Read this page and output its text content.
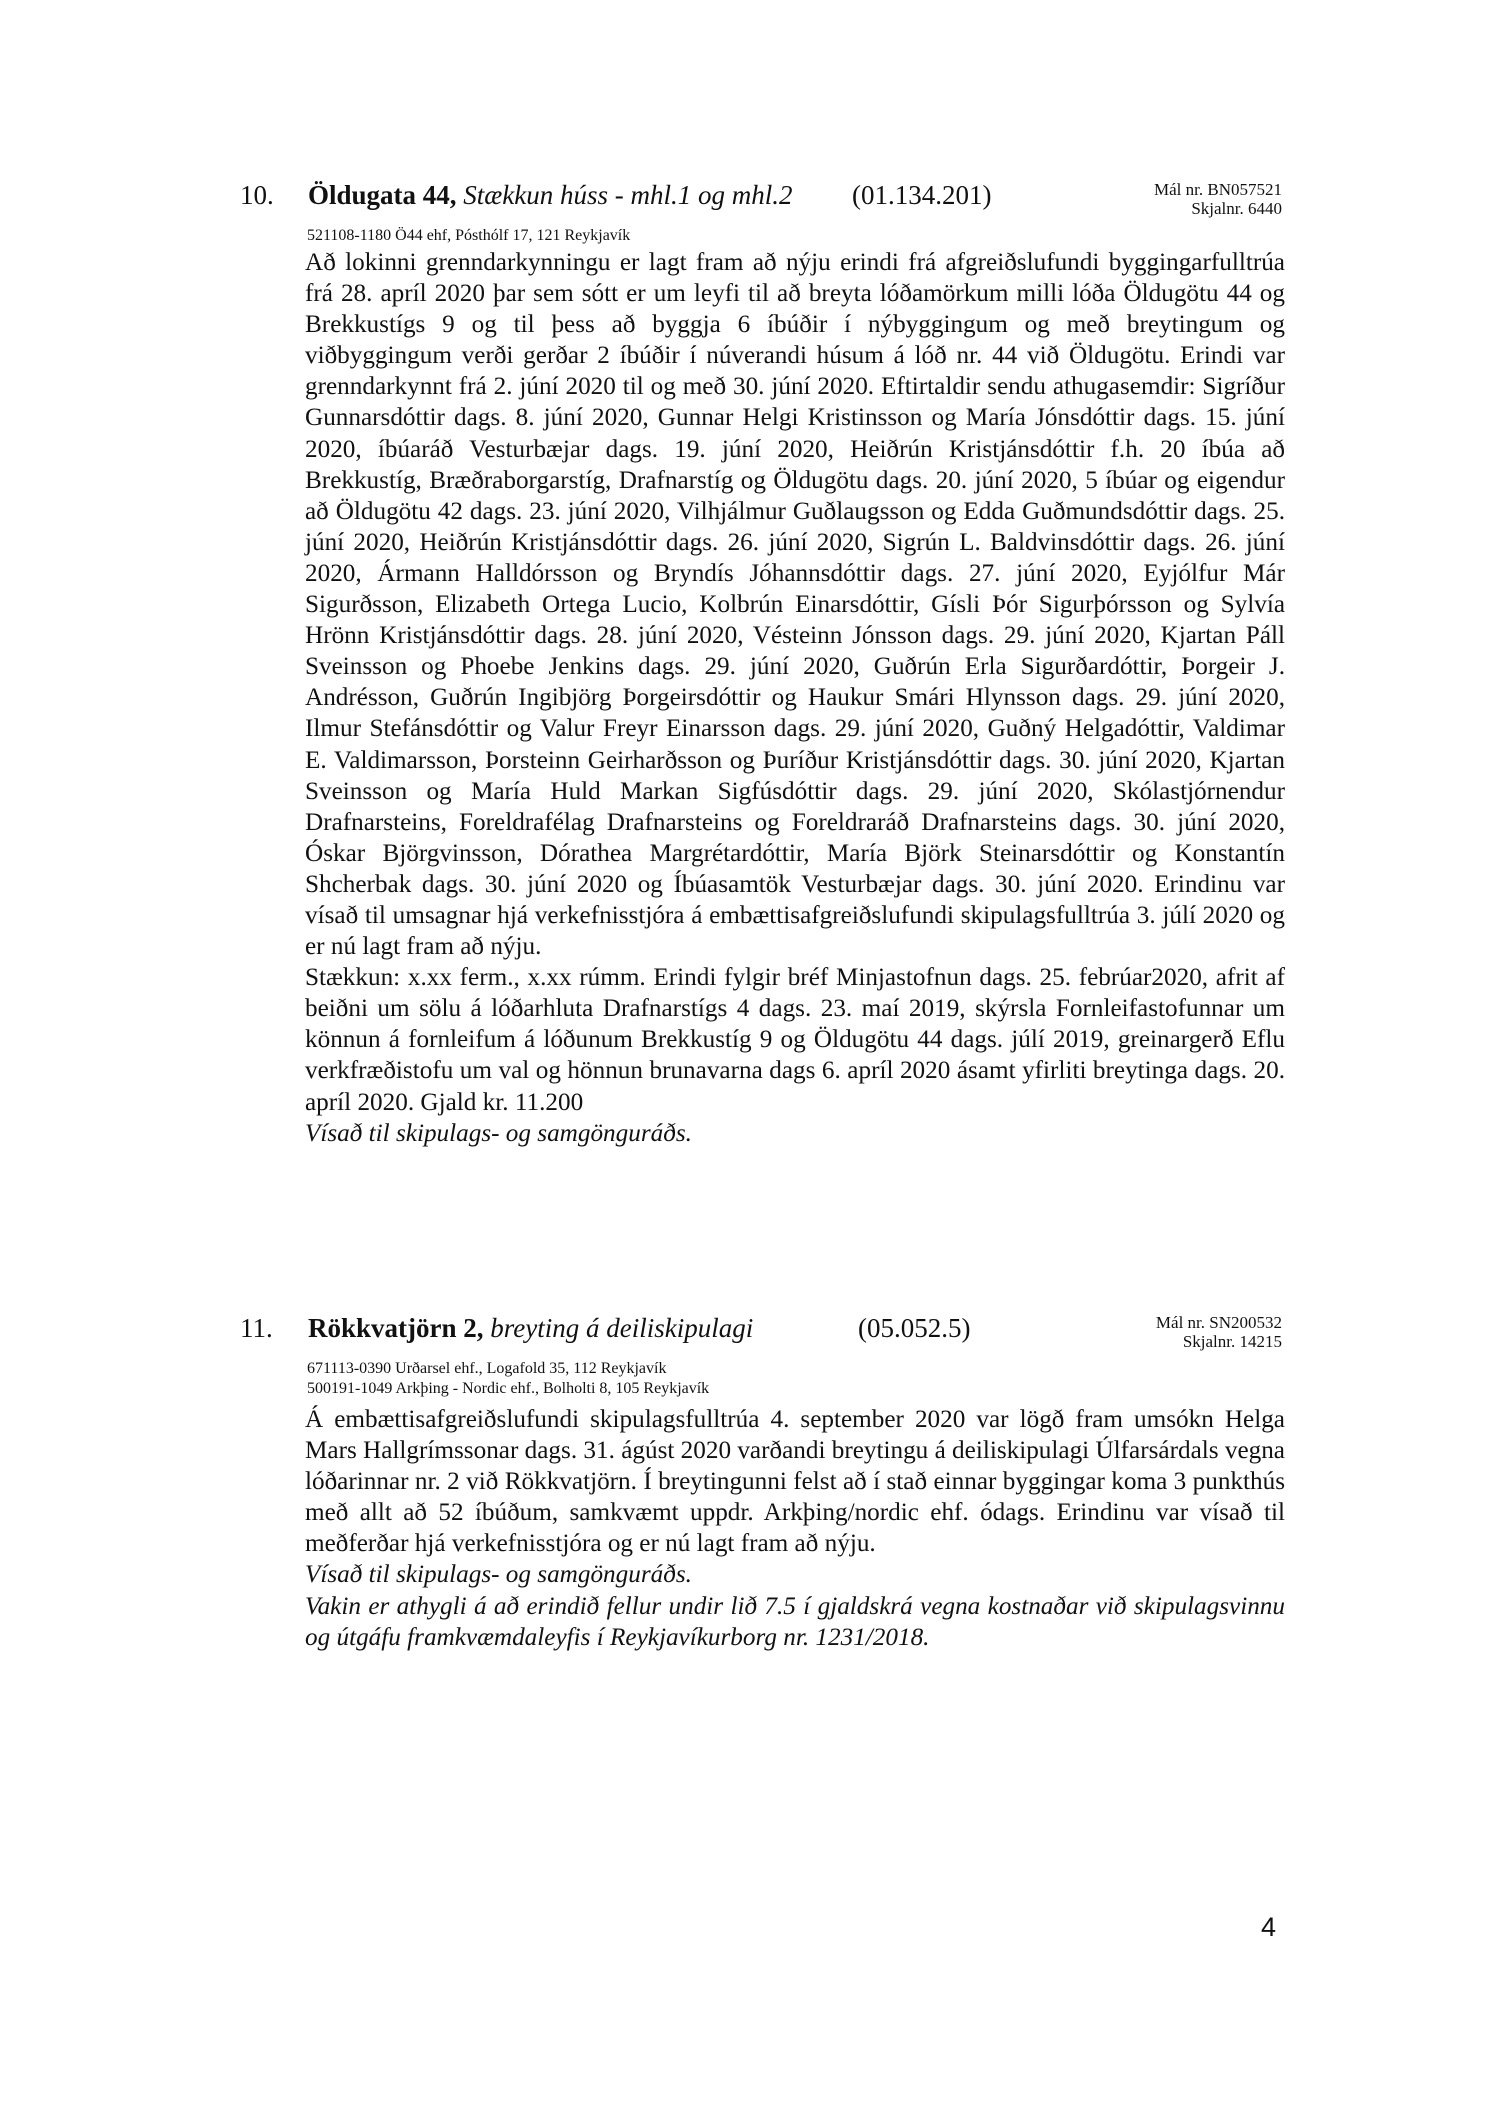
10. Öldugata 44, Stækkun húss - mhl.1 og mhl.2 (01.134.201)	Mál nr. BN057521
Skjalnr. 6440
521108-1180 Ö44 ehf, Pósthólf 17, 121 Reykjavík

Að lokinni grenndarkynningu er lagt fram að nýju erindi frá afgreiðslufundi byggingarfulltrúa frá 28. apríl 2020 þar sem sótt er um leyfi til að breyta lóðamörkum milli lóða Öldugötu 44 og Brekkustígs 9 og til þess að byggja 6 íbúðir í nýbyggingum og með breytingum og viðbyggingum verði gerðar 2 íbúðir í núverandi húsum á lóð nr. 44 við Öldugötu. Erindi var grenndarkynnt frá 2. júní 2020 til og með 30. júní 2020. Eftirtaldir sendu athugasemdir: Sigríður Gunnarsdóttir dags. 8. júní 2020, Gunnar Helgi Kristinsson og María Jónsdóttir dags. 15. júní 2020, íbúaráð Vesturbæjar dags. 19. júní 2020, Heiðrún Kristjánsdóttir f.h. 20 íbúa að Brekkustíg, Bræðraborgarstíg, Drafnarstíg og Öldugötu dags. 20. júní 2020, 5 íbúar og eigendur að Öldugötu 42 dags. 23. júní 2020, Vilhjálmur Guðlaugsson og Edda Guðmundsdóttir dags. 25. júní 2020, Heiðrún Kristjánsdóttir dags. 26. júní 2020, Sigrún L. Baldvinsdóttir dags. 26. júní 2020, Ármann Halldórsson og Bryndís Jóhannsdóttir dags. 27. júní 2020, Eyjólfur Már Sigurðsson, Elizabeth Ortega Lucio, Kolbrún Einarsdóttir, Gísli Þór Sigurþórsson og Sylvía Hrönn Kristjánsdóttir dags. 28. júní 2020, Vésteinn Jónsson dags. 29. júní 2020, Kjartan Páll Sveinsson og Phoebe Jenkins dags. 29. júní 2020, Guðrún Erla Sigurðardóttir, Þorgeir J. Andrésson, Guðrún Ingibjörg Þorgeirsdóttir og Haukur Smári Hlynsson dags. 29. júní 2020, Ilmur Stefánsdóttir og Valur Freyr Einarsson dags. 29. júní 2020, Guðný Helgadóttir, Valdimar E. Valdimarsson, Þorsteinn Geirharðsson og Þuríður Kristjánsdóttir dags. 30. júní 2020, Kjartan Sveinsson og María Huld Markan Sigfúsdóttir dags. 29. júní 2020, Skólastjórnendur Drafnarsteins, Foreldrafélag Drafnarsteins og Foreldraráð Drafnarsteins dags. 30. júní 2020, Óskar Björgvinsson, Dórathea Margrétardóttir, María Björk Steinarsdóttir og Konstantín Shcherbak dags. 30. júní 2020 og Íbúasamtök Vesturbæjar dags. 30. júní 2020. Erindinu var vísað til umsagnar hjá verkefnisstjóra á embættisafgreiðslufundi skipulagsfulltrúa 3. júlí 2020 og er nú lagt fram að nýju.

Stækkun: x.xx ferm., x.xx rúmm. Erindi fylgir bréf Minjastofnun dags. 25. febrúar2020, afrit af beiðni um sölu á lóðarhluta Drafnarstígs 4 dags. 23. maí 2019, skýrsla Fornleifastofunnar um könnun á fornleifum á lóðunum Brekkustíg 9 og Öldugötu 44 dags. júlí 2019, greinargerð Eflu verkfræðistofu um val og hönnun brunavarna dags 6. apríl 2020 ásamt yfirliti breytinga dags. 20. apríl 2020. Gjald kr. 11.200

Vísað til skipulags- og samgönguráðs.

11. Rökkvatjörn 2, breyting á deiliskipulagi	(05.052.5)	Mál nr. SN200532
Skjalnr. 14215
671113-0390 Urðarsel ehf., Logafold 35, 112 Reykjavík
500191-1049 Arkþing - Nordic ehf., Bolholti 8, 105 Reykjavík

Á embættisafgreiðslufundi skipulagsfulltrúa 4. september 2020 var lögð fram umsókn Helga Mars Hallgrímssonar dags. 31. ágúst 2020 varðandi breytingu á deiliskipulagi Úlfarsárdals vegna lóðarinnar nr. 2 við Rökkvatjörn. Í breytingunni felst að í stað einnar byggingar koma 3 punkthús með allt að 52 íbúðum, samkvæmt uppdr. Arkþing/nordic ehf. ódags. Erindinu var vísað til meðferðar hjá verkefnisstjóra og er nú lagt fram að nýju.

Vísað til skipulags- og samgönguráðs.

Vakin er athygli á að erindið fellur undir lið 7.5 í gjaldskrá vegna kostnaðar við skipulagsvinnu og útgáfu framkvæmdaleyfis í Reykjavíkurborg nr. 1231/2018.

4
